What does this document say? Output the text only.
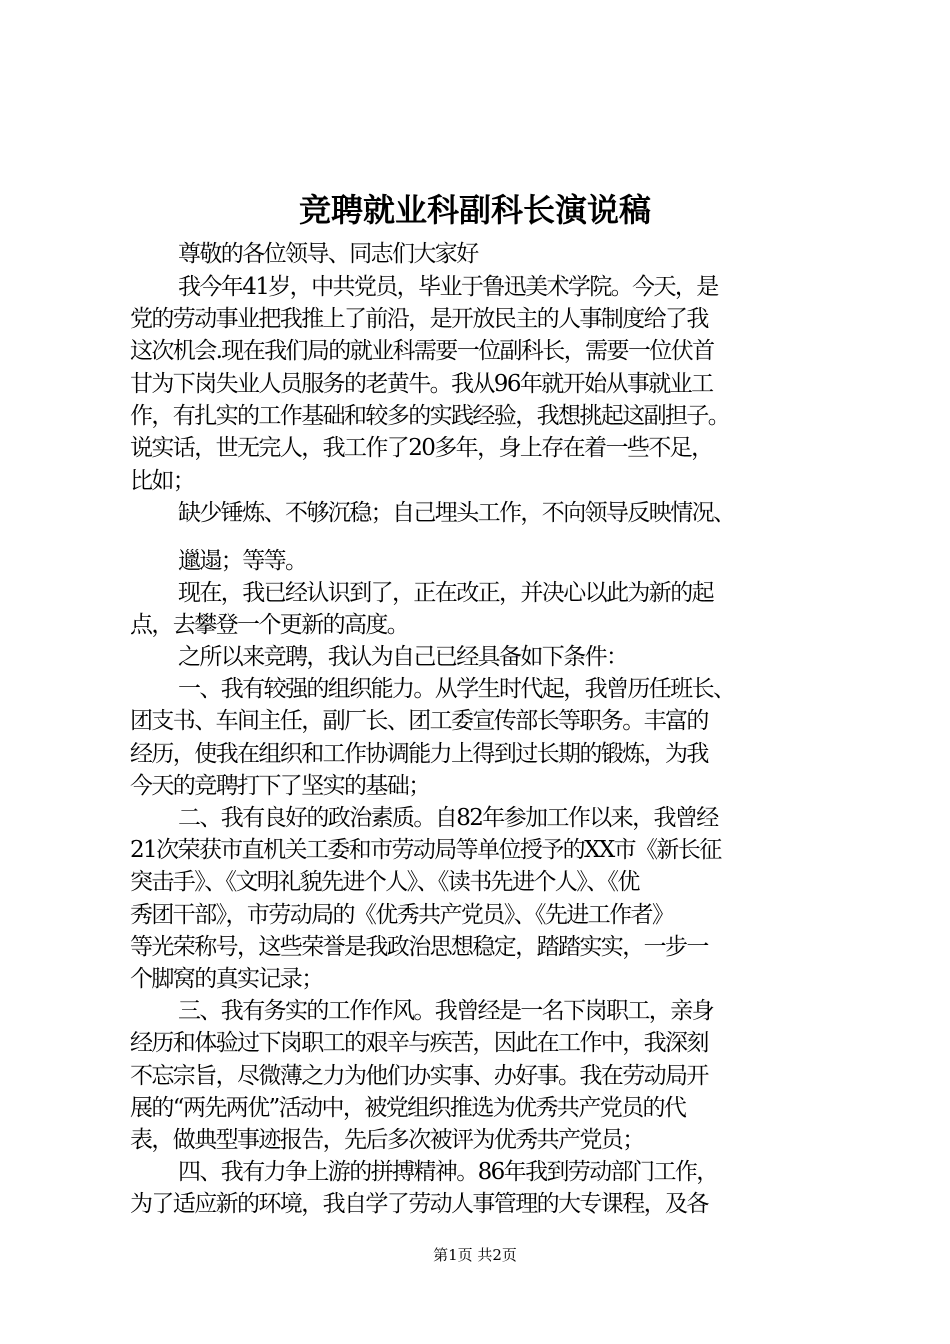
竞聘就业科副科长演说稿
尊敬的各位领导、同志们大家好
我今年41岁，中共党员，毕业于鲁迅美术学院。今天，是
党的劳动事业把我推上了前沿，是开放民主的人事制度给了我
这次机会.现在我们局的就业科需要一位副科长，需要一位伏首
甘为下岗失业人员服务的老黄牛。我从96年就开始从事就业工
作，有扎实的工作基础和较多的实践经验，我想挑起这副担子。
说实话，世无完人，我工作了20多年，身上存在着一些不足，
比如；
缺少锤炼、不够沉稳；自己埋头工作，不向领导反映情况、
邋遢；等等。
现在，我已经认识到了，正在改正，并决心以此为新的起
点，去攀登一个更新的高度。
之所以来竞聘，我认为自己已经具备如下条件：
一、我有较强的组织能力。从学生时代起，我曾历任班长、
团支书、车间主任，副厂长、团工委宣传部长等职务。丰富的
经历，使我在组织和工作协调能力上得到过长期的锻炼，为我
今天的竞聘打下了坚实的基础；
二、我有良好的政治素质。自82年参加工作以来，我曾经
21次荣获市直机关工委和市劳动局等单位授予的XX市《新长征
突击手》、《文明礼貌先进个人》、《读书先进个人》、《优
秀团干部》，市劳动局的《优秀共产党员》、《先进工作者》
等光荣称号，这些荣誉是我政治思想稳定，踏踏实实，一步一
个脚窝的真实记录；
三、我有务实的工作作风。我曾经是一名下岗职工，亲身
经历和体验过下岗职工的艰辛与疾苦，因此在工作中，我深刻
不忘宗旨，尽微薄之力为他们办实事、办好事。我在劳动局开
展的“两先两优”活动中，被党组织推选为优秀共产党员的代
表，做典型事迹报告，先后多次被评为优秀共产党员；
四、我有力争上游的拼搏精神。86年我到劳动部门工作，
为了适应新的环境，我自学了劳动人事管理的大专课程，及各
第1页 共2页
